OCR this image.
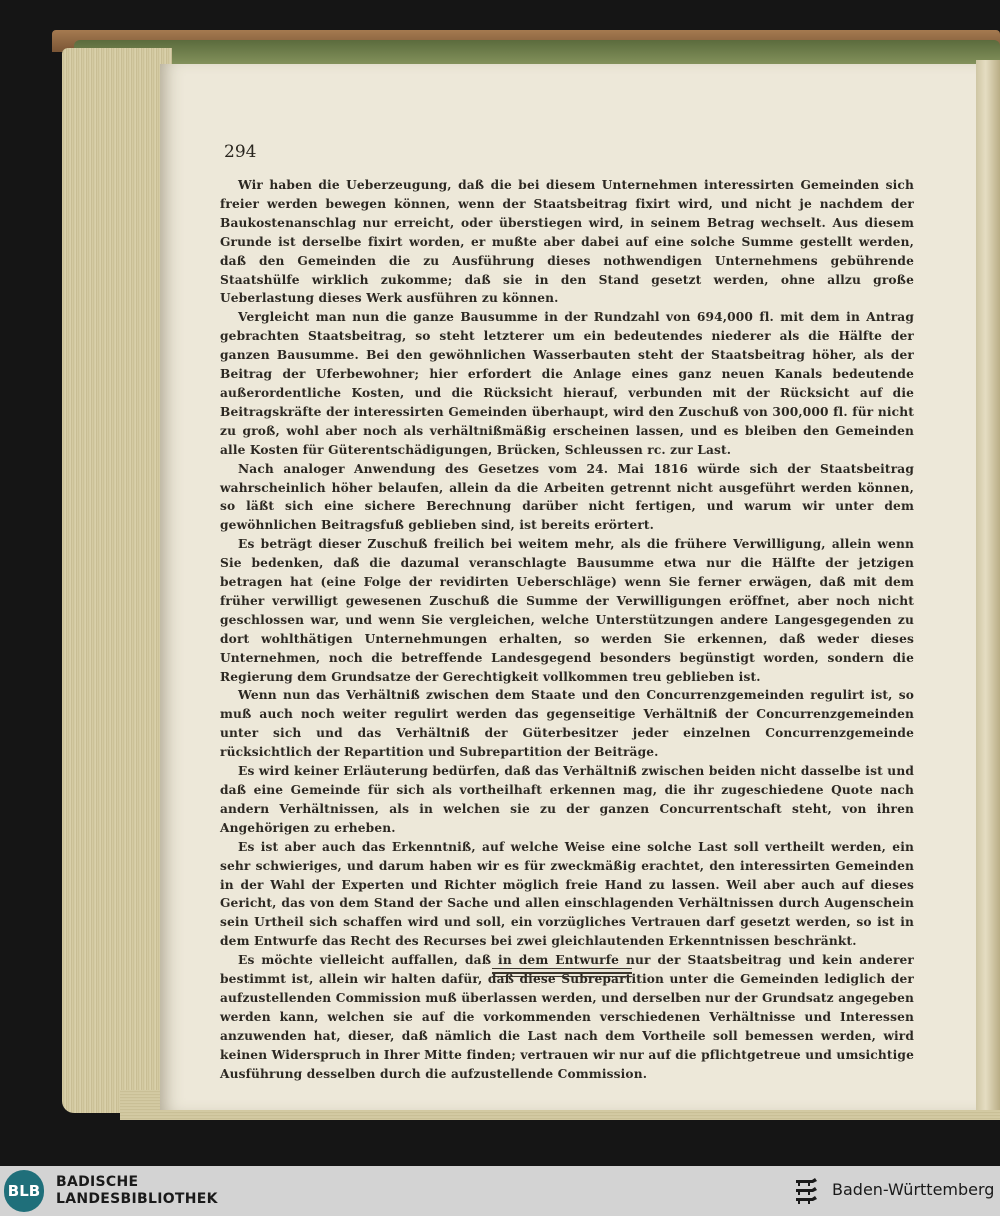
294

Wir haben die Ueberzeugung, daß die bei diesem Unternehmen interessirten Gemeinden sich freier werden bewegen können, wenn der Staatsbeitrag fixirt wird, und nicht je nachdem der Baukostenanschlag nur erreicht, oder überstiegen wird, in seinem Betrag wechselt. Aus diesem Grunde ist derselbe fixirt worden, er mußte aber dabei auf eine solche Summe gestellt werden, daß den Gemeinden die zu Ausführung dieses nothwendigen Unternehmens gebührende Staatshülfe wirklich zukomme; daß sie in den Stand gesetzt werden, ohne allzu große Ueberlastung dieses Werk ausführen zu können.

Vergleicht man nun die ganze Bausumme in der Rundzahl von 694,000 fl. mit dem in Antrag gebrachten Staatsbeitrag, so steht letzterer um ein bedeutendes niederer als die Hälfte der ganzen Bausumme. Bei den gewöhnlichen Wasserbauten steht der Staatsbeitrag höher, als der Beitrag der Uferbewohner; hier erfordert die Anlage eines ganz neuen Kanals bedeutende außerordentliche Kosten, und die Rücksicht hierauf, verbunden mit der Rücksicht auf die Beitragskräfte der interessirten Gemeinden überhaupt, wird den Zuschuß von 300,000 fl. für nicht zu groß, wohl aber noch als verhältnißmäßig erscheinen lassen, und es bleiben den Gemeinden alle Kosten für Güterentschädigungen, Brücken, Schleussen rc. zur Last.

Nach analoger Anwendung des Gesetzes vom 24. Mai 1816 würde sich der Staatsbeitrag wahrscheinlich höher belaufen, allein da die Arbeiten getrennt nicht ausgeführt werden können, so läßt sich eine sichere Berechnung darüber nicht fertigen, und warum wir unter dem gewöhnlichen Beitragsfuß geblieben sind, ist bereits erörtert.

Es beträgt dieser Zuschuß freilich bei weitem mehr, als die frühere Verwilligung, allein wenn Sie bedenken, daß die dazumal veranschlagte Bausumme etwa nur die Hälfte der jetzigen betragen hat (eine Folge der revidirten Ueberschläge) wenn Sie ferner erwägen, daß mit dem früher verwilligt gewesenen Zuschuß die Summe der Verwilligungen eröffnet, aber noch nicht geschlossen war, und wenn Sie vergleichen, welche Unterstützungen andere Langesgegenden zu dort wohlthätigen Unternehmungen erhalten, so werden Sie erkennen, daß weder dieses Unternehmen, noch die betreffende Landesgegend besonders begünstigt worden, sondern die Regierung dem Grundsatze der Gerechtigkeit vollkommen treu geblieben ist.

Wenn nun das Verhältniß zwischen dem Staate und den Concurrenzgemeinden regulirt ist, so muß auch noch weiter regulirt werden das gegenseitige Verhältniß der Concurrenzgemeinden unter sich und das Verhältniß der Güterbesitzer jeder einzelnen Concurrenzgemeinde rücksichtlich der Repartition und Subrepartition der Beiträge.

Es wird keiner Erläuterung bedürfen, daß das Verhältniß zwischen beiden nicht dasselbe ist und daß eine Gemeinde für sich als vortheilhaft erkennen mag, die ihr zugeschiedene Quote nach andern Verhältnissen, als in welchen sie zu der ganzen Concurrentschaft steht, von ihren Angehörigen zu erheben.

Es ist aber auch das Erkenntniß, auf welche Weise eine solche Last soll vertheilt werden, ein sehr schwieriges, und darum haben wir es für zweckmäßig erachtet, den interessirten Gemeinden in der Wahl der Experten und Richter möglich freie Hand zu lassen. Weil aber auch auf dieses Gericht, das von dem Stand der Sache und allen einschlagenden Verhältnissen durch Augenschein sein Urtheil sich schaffen wird und soll, ein vorzügliches Vertrauen darf gesetzt werden, so ist in dem Entwurfe das Recht des Recurses bei zwei gleichlautenden Erkenntnissen beschränkt.

Es möchte vielleicht auffallen, daß in dem Entwurfe nur der Staatsbeitrag und kein anderer bestimmt ist, allein wir halten dafür, daß diese Subrepartition unter die Gemeinden lediglich der aufzustellenden Commission muß überlassen werden, und derselben nur der Grundsatz angegeben werden kann, welchen sie auf die vorkommenden verschiedenen Verhältnisse und Interessen anzuwenden hat, dieser, daß nämlich die Last nach dem Vortheile soll bemessen werden, wird keinen Widerspruch in Ihrer Mitte finden; vertrauen wir nur auf die pflichtgetreue und umsichtige Ausführung desselben durch die aufzustellende Commission.

BLB BADISCHE
LANDESBIBLIOTHEK	Baden-Württemberg
